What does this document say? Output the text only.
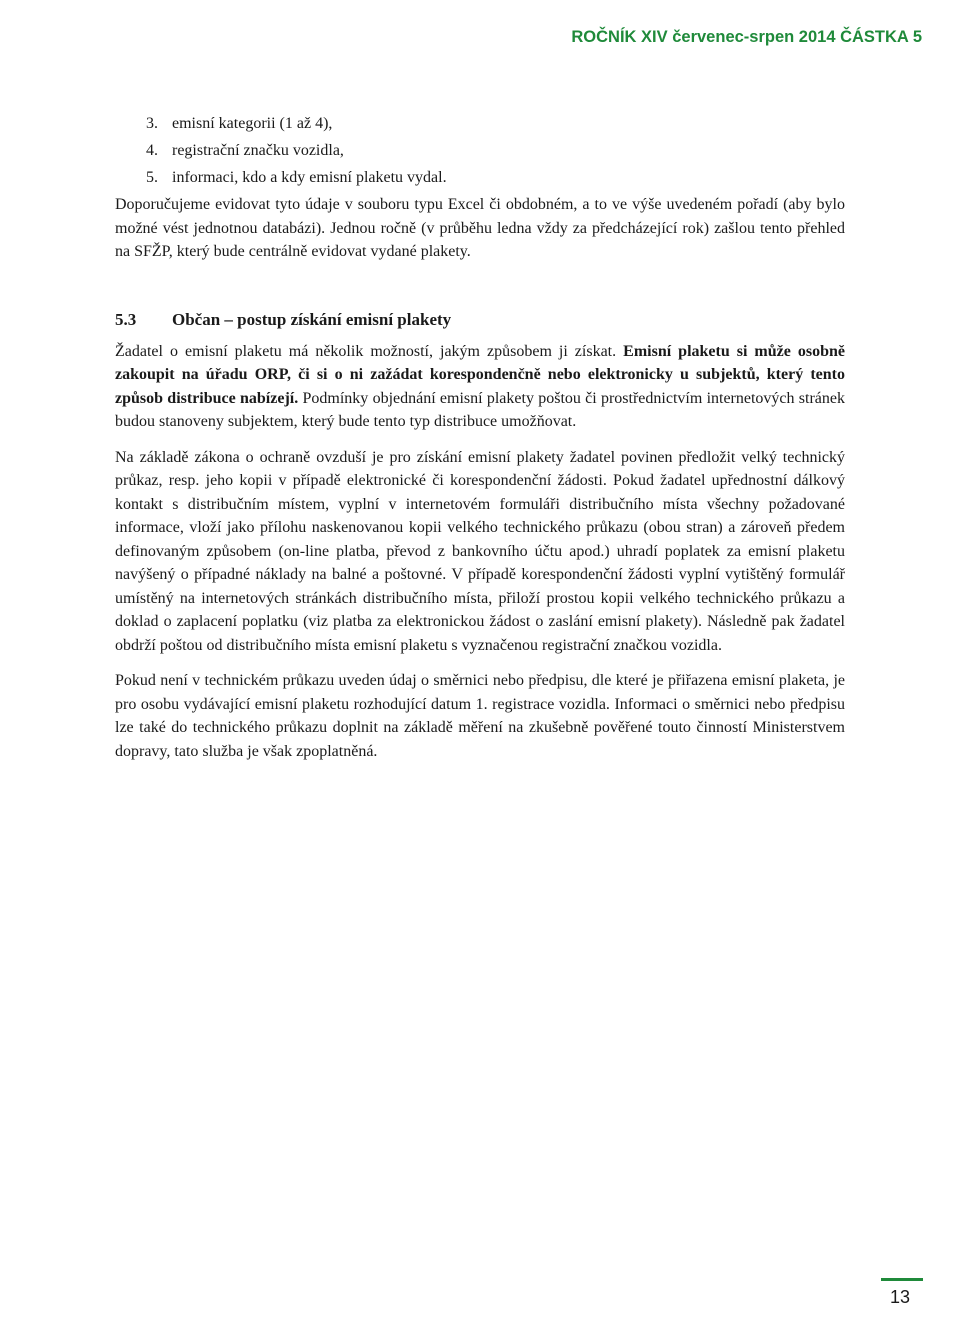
ROČNÍK XIV červenec-srpen 2014 ČÁSTKA 5
3. emisní kategorii (1 až 4),
4. registrační značku vozidla,
5. informaci, kdo a kdy emisní plaketu vydal.

Doporučujeme evidovat tyto údaje v souboru typu Excel či obdobném, a to ve výše uvedeném pořadí (aby bylo možné vést jednotnou databázi). Jednou ročně (v průběhu ledna vždy za předcházející rok) zašlou tento přehled na SFŽP, který bude centrálně evidovat vydané plakety.

5.3 Občan – postup získání emisní plakety

Žadatel o emisní plaketu má několik možností, jakým způsobem ji získat. Emisní plaketu si může osobně zakoupit na úřadu ORP, či si o ni zažádat korespondenčně nebo elektronicky u subjektů, který tento způsob distribuce nabízejí. Podmínky objednání emisní plakety poštou či prostřednictvím internetových stránek budou stanoveny subjektem, který bude tento typ distribuce umožňovat.

Na základě zákona o ochraně ovzduší je pro získání emisní plakety žadatel povinen předložit velký technický průkaz, resp. jeho kopii v případě elektronické či korespondenční žádosti. Pokud žadatel upřednostní dálkový kontakt s distribučním místem, vyplní v internetovém formuláři distribučního místa všechny požadované informace, vloží jako přílohu naskenovanou kopii velkého technického průkazu (obou stran) a zároveň předem definovaným způsobem (on-line platba, převod z bankovního účtu apod.) uhradí poplatek za emisní plaketu navýšený o případné náklady na balné a poštovné. V případě korespondenční žádosti vyplní vytištěný formulář umístěný na internetových stránkách distribučního místa, přiloží prostou kopii velkého technického průkazu a doklad o zaplacení poplatku (viz platba za elektronickou žádost o zaslání emisní plakety). Následně pak žadatel obdrží poštou od distribučního místa emisní plaketu s vyznačenou registrační značkou vozidla.

Pokud není v technickém průkazu uveden údaj o směrnici nebo předpisu, dle které je přiřazena emisní plaketa, je pro osobu vydávající emisní plaketu rozhodující datum 1. registrace vozidla. Informaci o směrnici nebo předpisu lze také do technického průkazu doplnit na základě měření na zkušebně pověřené touto činností Ministerstvem dopravy, tato služba je však zpoplatněná.

13
